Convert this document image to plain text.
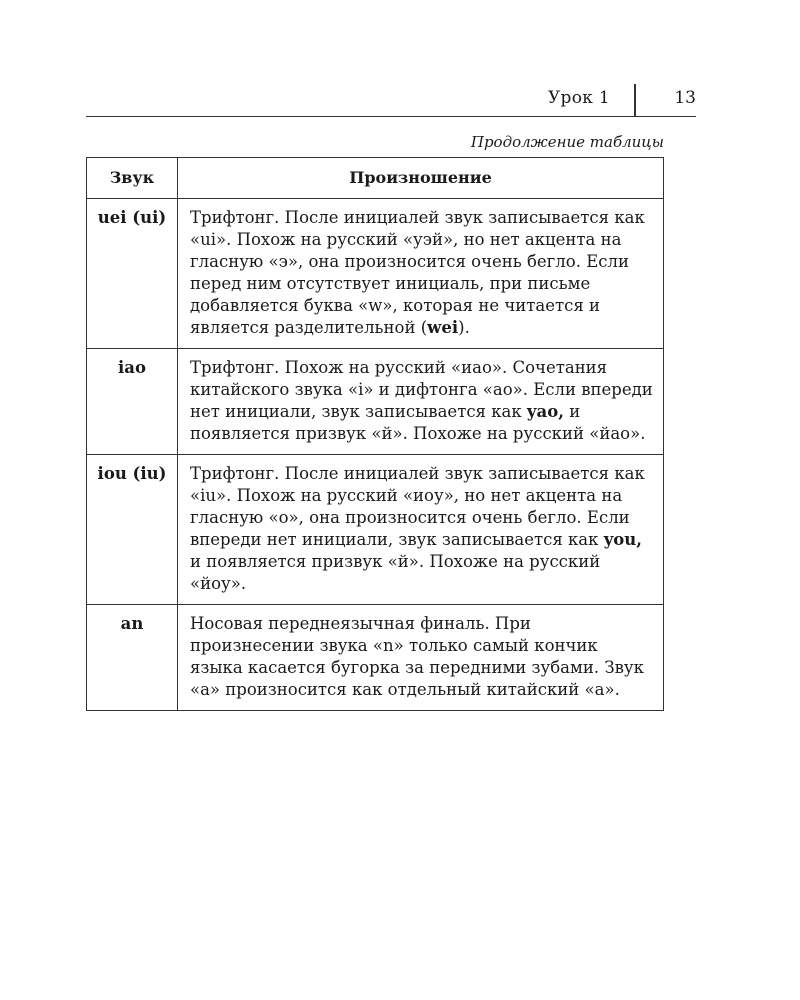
Урок 1	13
Продолжение таблицы
Звук	Произношение
uei (ui)	Трифтонг. После инициалей звук записывается как «ui». Похож на русский «уэй», но нет акцента на гласную «э», она произносится очень бегло. Если перед ним отсутствует инициаль, при письме добавляется буква «w», которая не читается и является разделительной (wei).
iao	Трифтонг. Похож на русский «иао». Сочетания китайского звука «i» и дифтонга «ао». Если впереди нет инициали, звук записывается как yao, и появляется призвук «й». Похоже на русский «йао».
iou (iu)	Трифтонг. После инициалей звук записывается как «iu». Похож на русский «иоу», но нет акцента на гласную «о», она произносится очень бегло. Если впереди нет инициали, звук записывается как you, и появляется призвук «й». Похоже на русский «йоу».
an	Носовая переднеязычная финаль. При произнесении звука «n» только самый кончик языка касается бугорка за передними зубами. Звук «а» произносится как отдельный китайский «а».
